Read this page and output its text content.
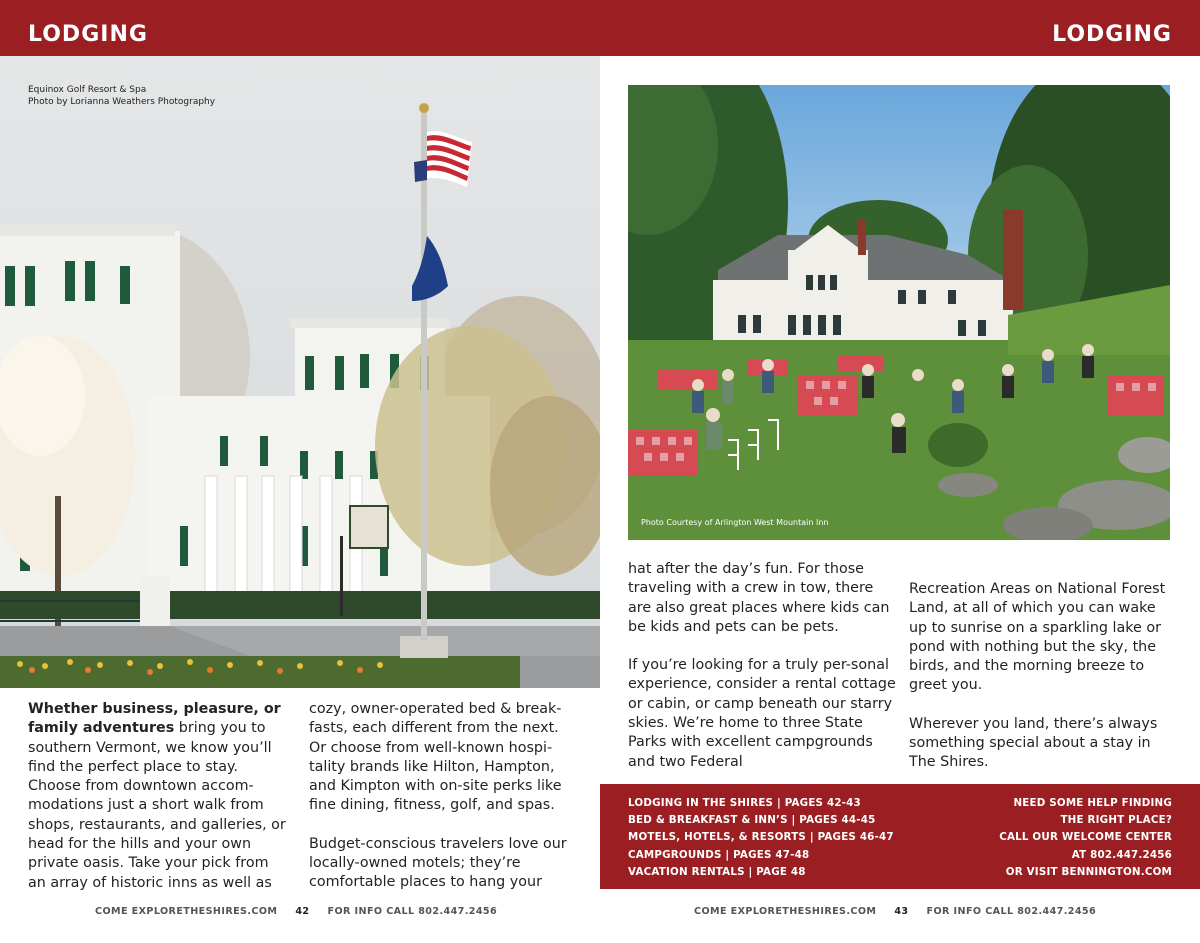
LODGING	LODGING
Equinox Golf Resort & Spa
Photo by Lorianna Weathers Photography
Photo Courtesy of Arlington West Mountain Inn

Whether business, pleasure, or family adventures bring you to southern Vermont, we know you’ll find the perfect place to stay. Choose from downtown accom-modations just a short walk from shops, restaurants, and galleries, or head for the hills and your own private oasis. Take your pick from an array of historic inns as well as

cozy, owner-operated bed & break-fasts, each different from the next. Or choose from well-known hospi-tality brands like Hilton, Hampton, and Kimpton with on-site perks like fine dining, fitness, golf, and spas.

Budget-conscious travelers love our locally-owned motels; they’re comfortable places to hang your

hat after the day’s fun. For those traveling with a crew in tow, there are also great places where kids can be kids and pets can be pets.

If you’re looking for a truly per-sonal experience, consider a rental cottage or cabin, or camp beneath our starry skies. We’re home to three State Parks with excellent campgrounds and two Federal

Recreation Areas on National Forest Land, at all of which you can wake up to sunrise on a sparkling lake or pond with nothing but the sky, the birds, and the morning breeze to greet you.

Wherever you land, there’s always something special about a stay in The Shires.

LODGING IN THE SHIRES | PAGES 42-43
BED & BREAKFAST & INN’S | PAGES 44-45
MOTELS, HOTELS, & RESORTS | PAGES 46-47
CAMPGROUNDS | PAGES 47-48
VACATION RENTALS | PAGE 48
NEED SOME HELP FINDING
THE RIGHT PLACE?
CALL OUR WELCOME CENTER
AT 802.447.2456
OR VISIT BENNINGTON.COM
COME EXPLORETHESHIRES.COM 42 FOR INFO CALL 802.447.2456	COME EXPLORETHESHIRES.COM 43 FOR INFO CALL 802.447.2456
